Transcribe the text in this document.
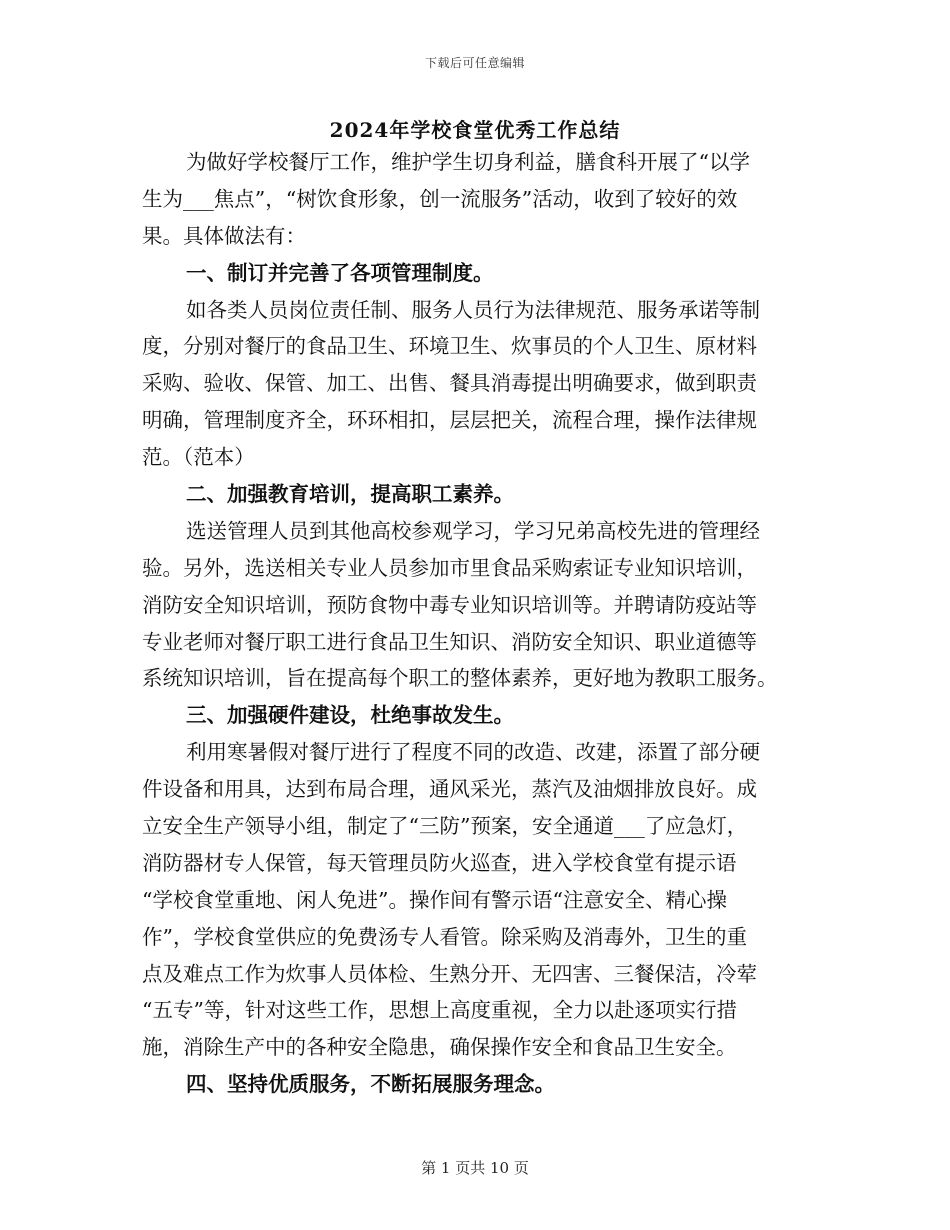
下载后可任意编辑
2024年学校食堂优秀工作总结
为做好学校餐厅工作，维护学生切身利益，膳食科开展了“以学
生为___焦点”，“树饮食形象，创一流服务”活动，收到了较好的效
果。具体做法有：
一、制订并完善了各项管理制度。
如各类人员岗位责任制、服务人员行为法律规范、服务承诺等制
度，分别对餐厅的食品卫生、环境卫生、炊事员的个人卫生、原材料
采购、验收、保管、加工、出售、餐具消毒提出明确要求，做到职责
明确，管理制度齐全，环环相扣，层层把关，流程合理，操作法律规
范。（范本）
二、加强教育培训，提高职工素养。
选送管理人员到其他高校参观学习，学习兄弟高校先进的管理经
验。另外，选送相关专业人员参加市里食品采购索证专业知识培训，
消防安全知识培训，预防食物中毒专业知识培训等。并聘请防疫站等
专业老师对餐厅职工进行食品卫生知识、消防安全知识、职业道德等
系统知识培训，旨在提高每个职工的整体素养，更好地为教职工服务。
三、加强硬件建设，杜绝事故发生。
利用寒暑假对餐厅进行了程度不同的改造、改建，添置了部分硬
件设备和用具，达到布局合理，通风采光，蒸汽及油烟排放良好。成
立安全生产领导小组，制定了“三防”预案，安全通道___了应急灯，
消防器材专人保管，每天管理员防火巡查，进入学校食堂有提示语
“学校食堂重地、闲人免进”。操作间有警示语“注意安全、精心操
作”，学校食堂供应的免费汤专人看管。除采购及消毒外，卫生的重
点及难点工作为炊事人员体检、生熟分开、无四害、三餐保洁，冷荤
“五专”等，针对这些工作，思想上高度重视，全力以赴逐项实行措
施，消除生产中的各种安全隐患，确保操作安全和食品卫生安全。
四、坚持优质服务，不断拓展服务理念。
第 1 页共 10 页
